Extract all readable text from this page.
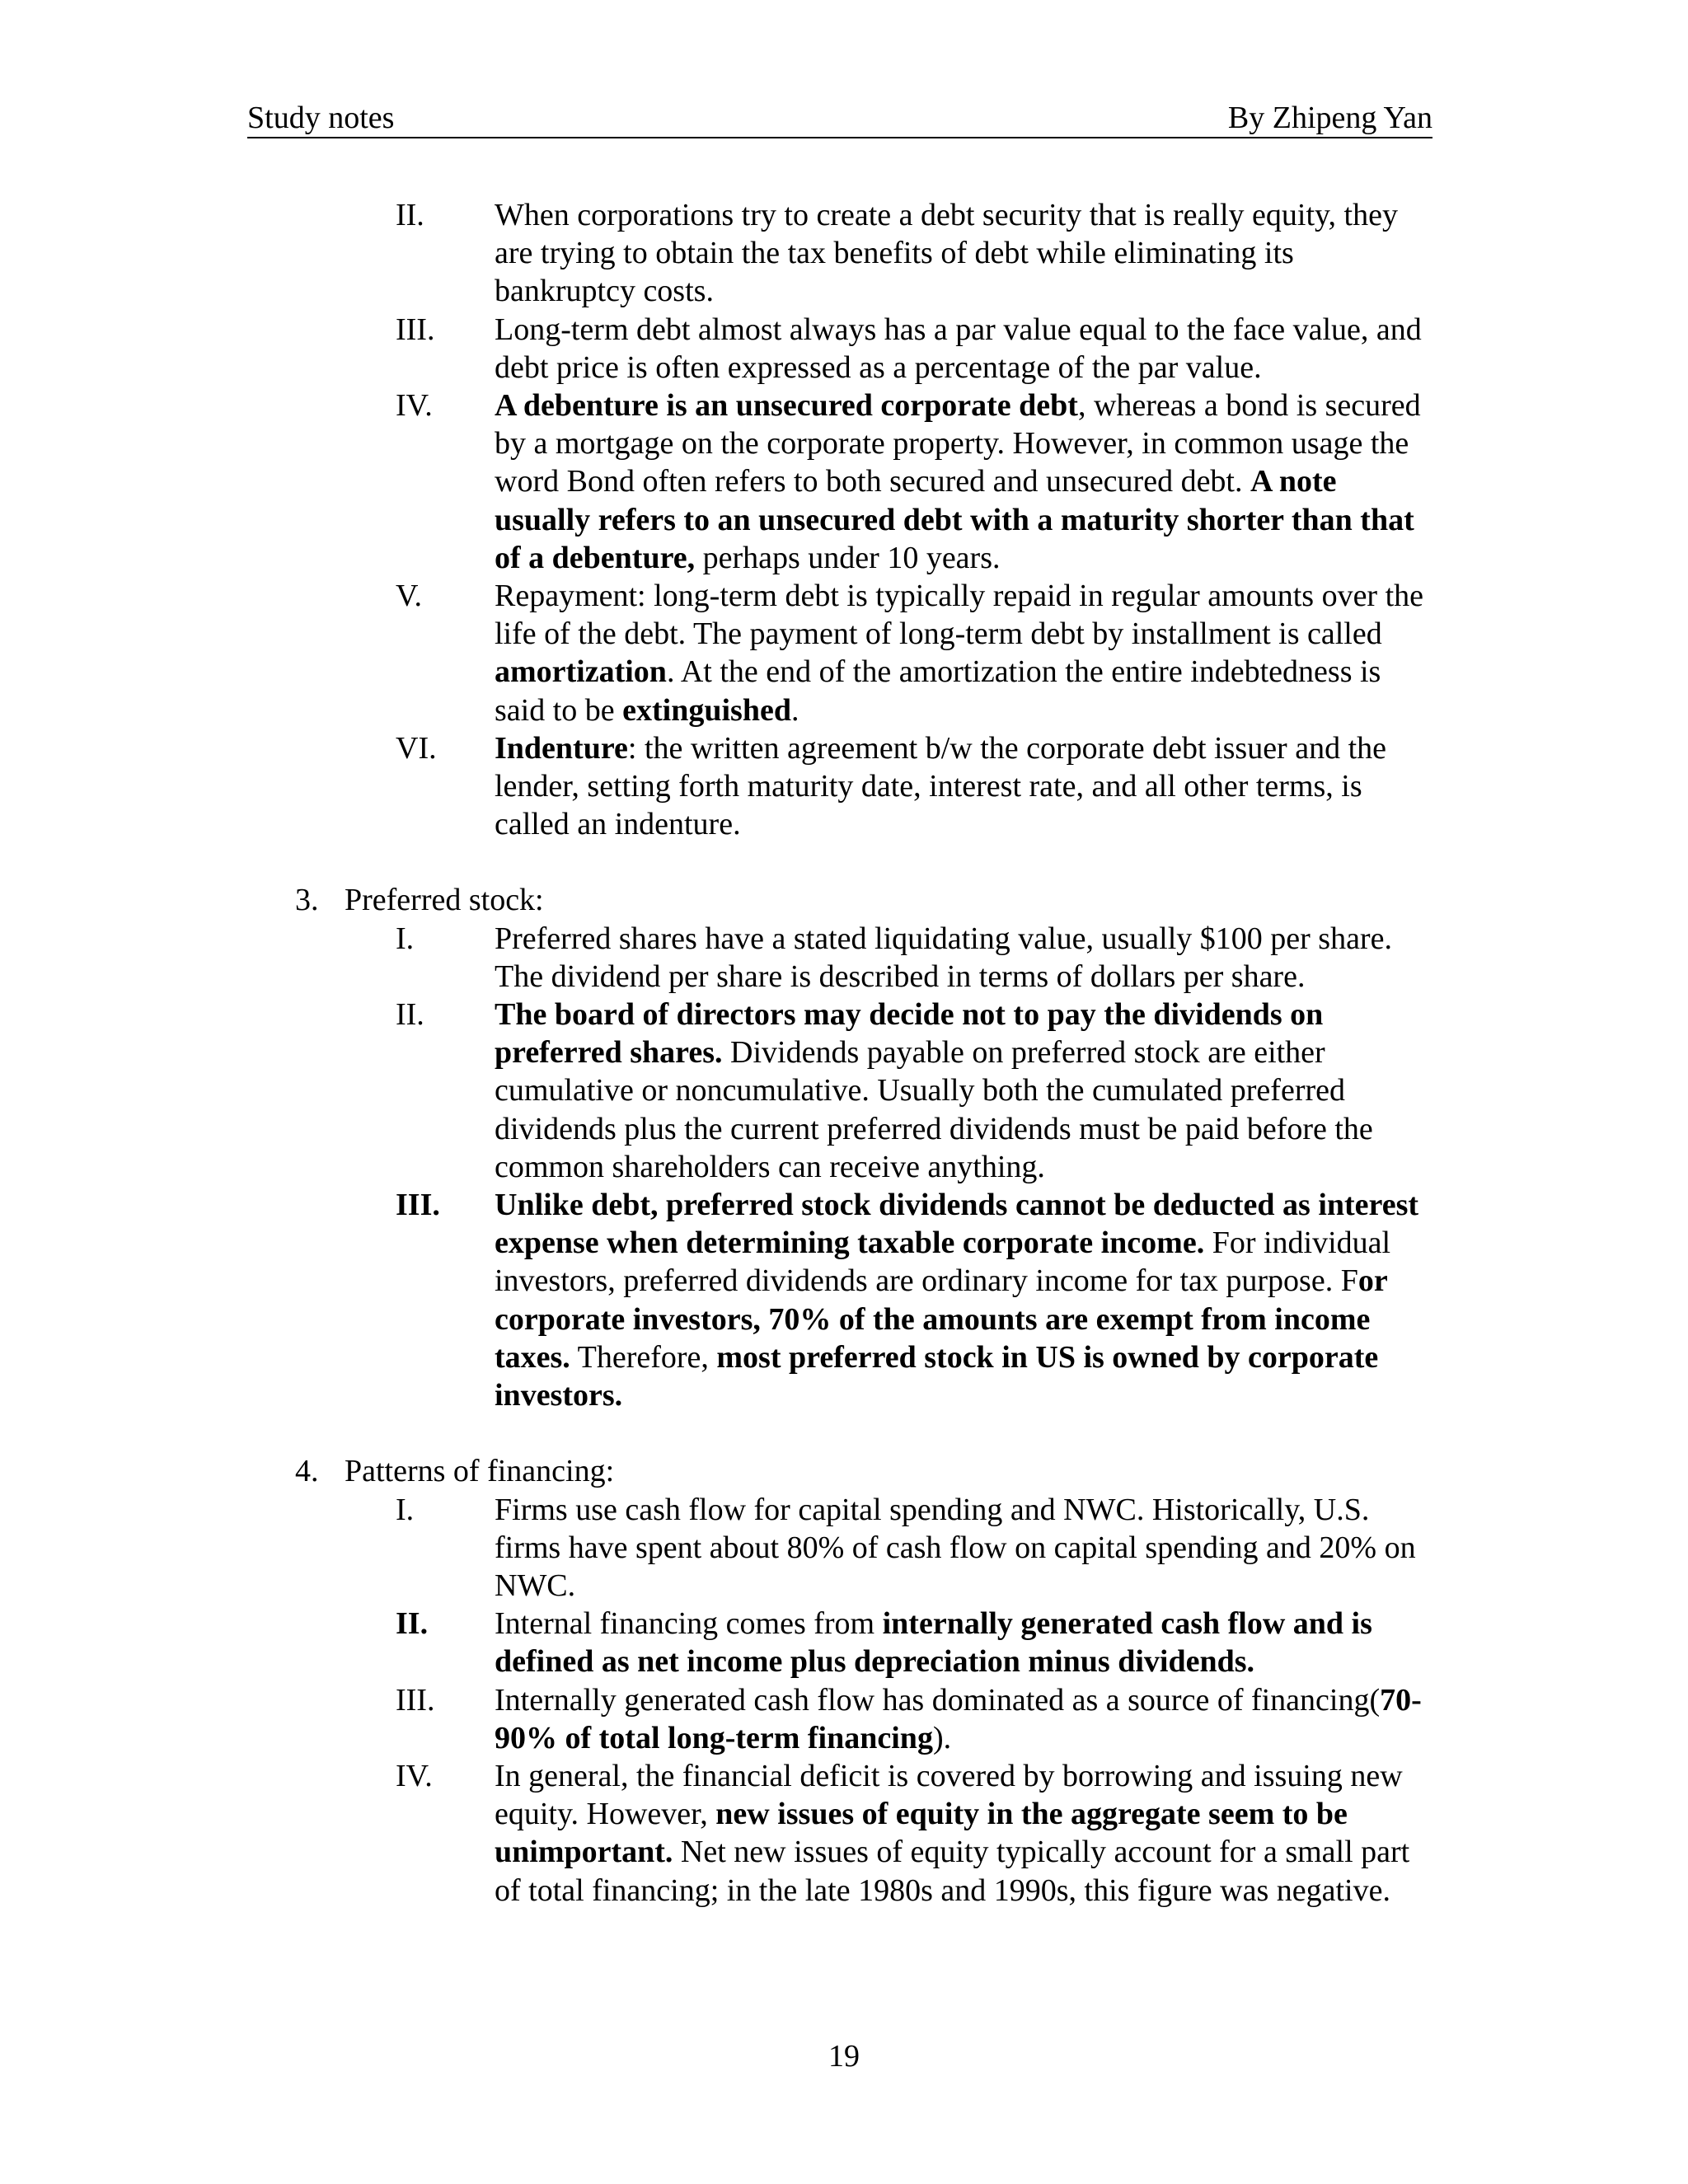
Study notes	By Zhipeng Yan
II. When corporations try to create a debt security that is really equity, they are trying to obtain the tax benefits of debt while eliminating its bankruptcy costs.
III. Long-term debt almost always has a par value equal to the face value, and debt price is often expressed as a percentage of the par value.
IV. A debenture is an unsecured corporate debt, whereas a bond is secured by a mortgage on the corporate property. However, in common usage the word Bond often refers to both secured and unsecured debt. A note usually refers to an unsecured debt with a maturity shorter than that of a debenture, perhaps under 10 years.
V. Repayment: long-term debt is typically repaid in regular amounts over the life of the debt. The payment of long-term debt by installment is called amortization. At the end of the amortization the entire indebtedness is said to be extinguished.
VI. Indenture: the written agreement b/w the corporate debt issuer and the lender, setting forth maturity date, interest rate, and all other terms, is called an indenture.
3. Preferred stock:
I.	Preferred shares have a stated liquidating value, usually $100 per share. The dividend per share is described in terms of dollars per share.
II. The board of directors may decide not to pay the dividends on preferred shares. Dividends payable on preferred stock are either cumulative or noncumulative. Usually both the cumulated preferred dividends plus the current preferred dividends must be paid before the common shareholders can receive anything.
III. Unlike debt, preferred stock dividends cannot be deducted as interest expense when determining taxable corporate income. For individual investors, preferred dividends are ordinary income for tax purpose. For corporate investors, 70% of the amounts are exempt from income taxes. Therefore, most preferred stock in US is owned by corporate investors.
4. Patterns of financing:
I.	Firms use cash flow for capital spending and NWC. Historically, U.S. firms have spent about 80% of cash flow on capital spending and 20% on NWC.
II. Internal financing comes from internally generated cash flow and is defined as net income plus depreciation minus dividends.
III. Internally generated cash flow has dominated as a source of financing(70-90% of total long-term financing).
IV. In general, the financial deficit is covered by borrowing and issuing new equity. However, new issues of equity in the aggregate seem to be unimportant. Net new issues of equity typically account for a small part of total financing; in the late 1980s and 1990s, this figure was negative.
19
